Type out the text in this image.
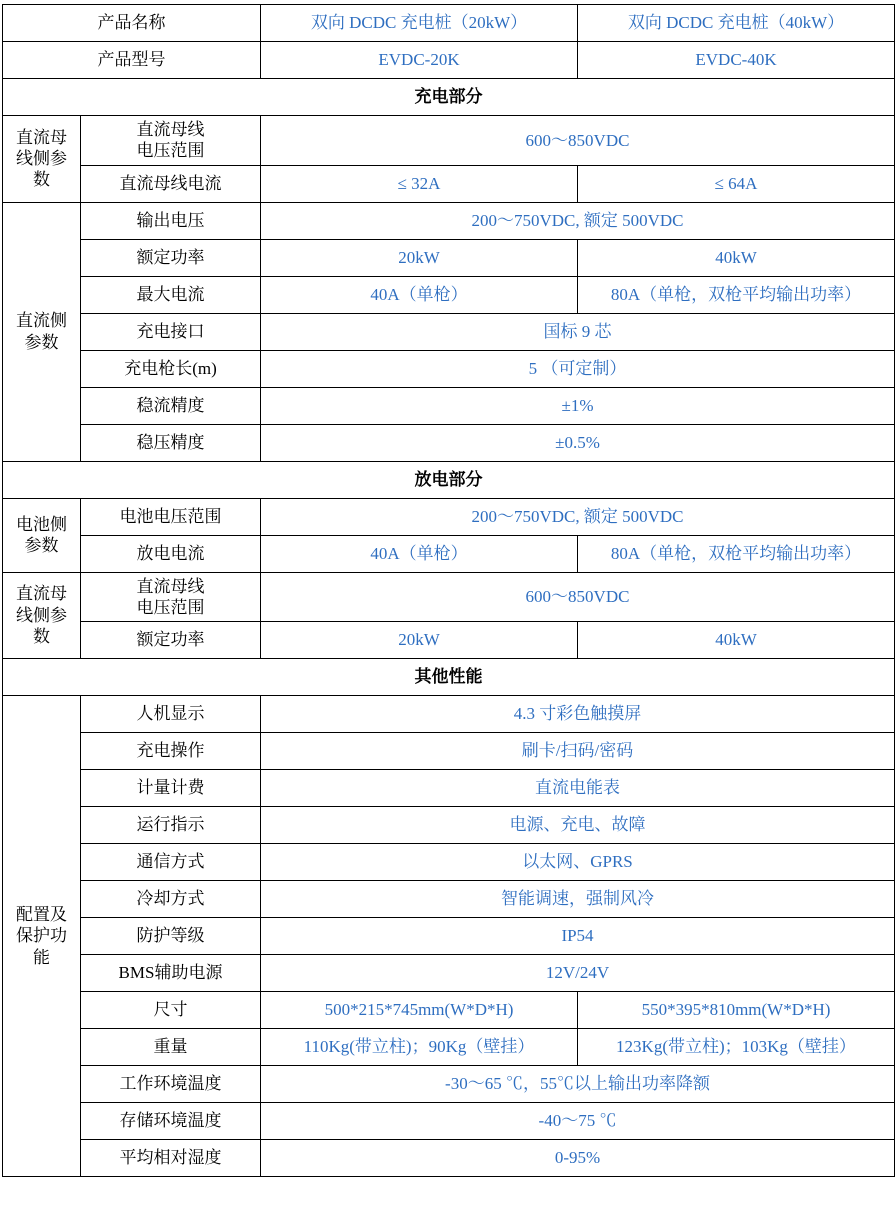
产品名称		双向 DCDC 充电桩（20kW）	双向 DCDC 充电桩（40kW）
产品型号		EVDC-20K	EVDC-40K
充电部分			
直流母
线侧参
数	直流母线
电压范围	600～850VDC	
	直流母线电流	≤ 32A	≤ 64A
直流侧
参数	输出电压	200～750VDC, 额定 500VDC	
	额定功率	20kW	40kW
	最大电流	40A（单枪）	80A（单枪，双枪平均输出功率）
	充电接口	国标 9 芯	
	充电枪长(m)	5 （可定制）	
	稳流精度	±1%	
	稳压精度	±0.5%	
放电部分			
电池侧
参数	电池电压范围	200～750VDC, 额定 500VDC	
	放电电流	40A（单枪）	80A（单枪，双枪平均输出功率）
直流母
线侧参
数	直流母线
电压范围	600～850VDC	
	额定功率	20kW	40kW
其他性能			
配置及
保护功
能	人机显示	4.3 寸彩色触摸屏	
	充电操作	刷卡/扫码/密码	
	计量计费	直流电能表	
	运行指示	电源、充电、故障	
	通信方式	以太网、GPRS	
	冷却方式	智能调速，强制风冷	
	防护等级	IP54	
	BMS辅助电源	12V/24V	
	尺寸	500*215*745mm(W*D*H)	550*395*810mm(W*D*H)
	重量	110Kg(带立柱)；90Kg（壁挂）	123Kg(带立柱)；103Kg（壁挂）
	工作环境温度	-30～65 ℃，55℃以上输出功率降额	
	存储环境温度	-40～75 ℃	
	平均相对湿度	0-95%	
